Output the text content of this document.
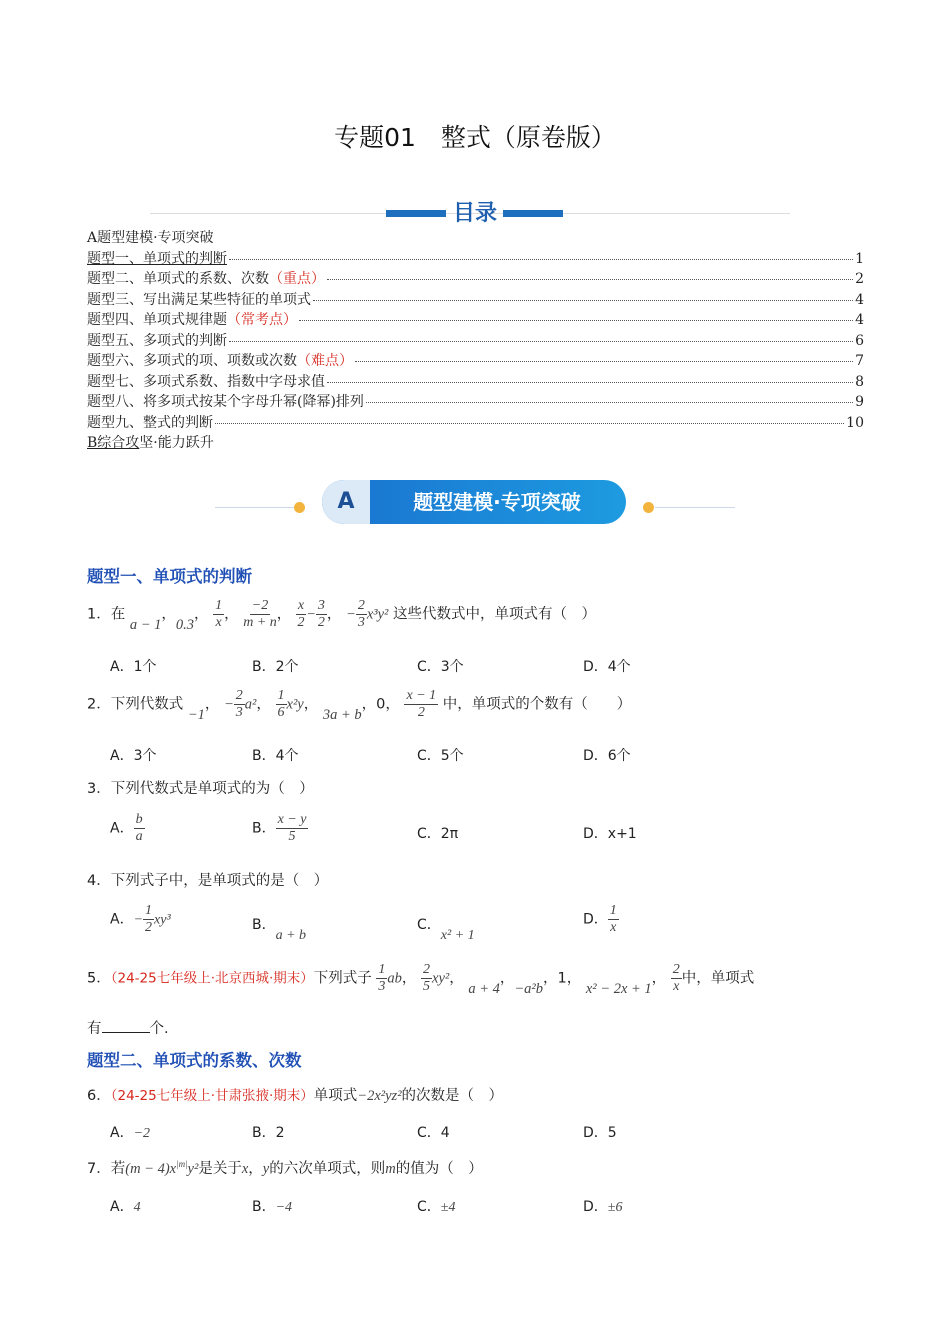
专题01　整式（原卷版）
目录
A题型建模·专项突破
题型一、单项式的判断	1
题型二、单项式的系数、次数 （重点）	2
题型三、写出满足某些特征的单项式	4
题型四、单项式规律题 （常考点）	4
题型五、多项式的判断	6
题型六、多项式的项、项数或次数 （难点）	7
题型七、多项式系数、指数中字母求值	8
题型八、将多项式按某个字母升幂(降幂)排列	9
题型九、整式的判断	10
B综合攻 坚·能力跃升
A	题型建模·专项突破
题型一、单项式的判断
1．在 a − 1，0.3， $\frac{1}{x}$ ， $\frac{-2}{m + n}$ ， $\frac{x}{2} - \frac{3}{2}$ ， − $\frac{2}{3} x^3y^2$ 这些代数式中，单项式有（　）
A．1个	B．2个	C．3个	D．4个
2．下列代数式 −1， − $\frac{2}{3} a^2$， $\frac{1}{6} x^2y$， 3a + b，0， $\frac{x - 1}{2}$ 中，单项式的个数有（　　）
A．3个	B．4个	C．5个	D．6个
3．下列代数式是单项式的为（　）
A． $\frac{b}{a}$	B． $\frac{x - y}{5}$	C．2π	D．x+1
4．下列式子中，是单项式的是（　）
A．− $\frac{1}{2} xy^3$	B．a + b
C．x² + 1
D． $\frac{1}{x}$
5．（24-25七年级上·北京西城·期末）下列式子 $\frac{1}{3}$ ab， $\frac{2}{5} xy^2$， a + 4，−a²b，1， x² − 2x + 1， $\frac{2}{x}$ 中，单项式
有	个.
题型二、单项式的系数、次数
6．（24-25七年级上·甘肃张掖·期末）单项式−2x²yz²的次数是（　）
A．−2	B．2	C．4	D．5
7．若$(m - 4)x^{|m|}y^2$是关于x，y的六次单项式，则m的值为（　）
A．4	B．−4	C．±4	D．±6
